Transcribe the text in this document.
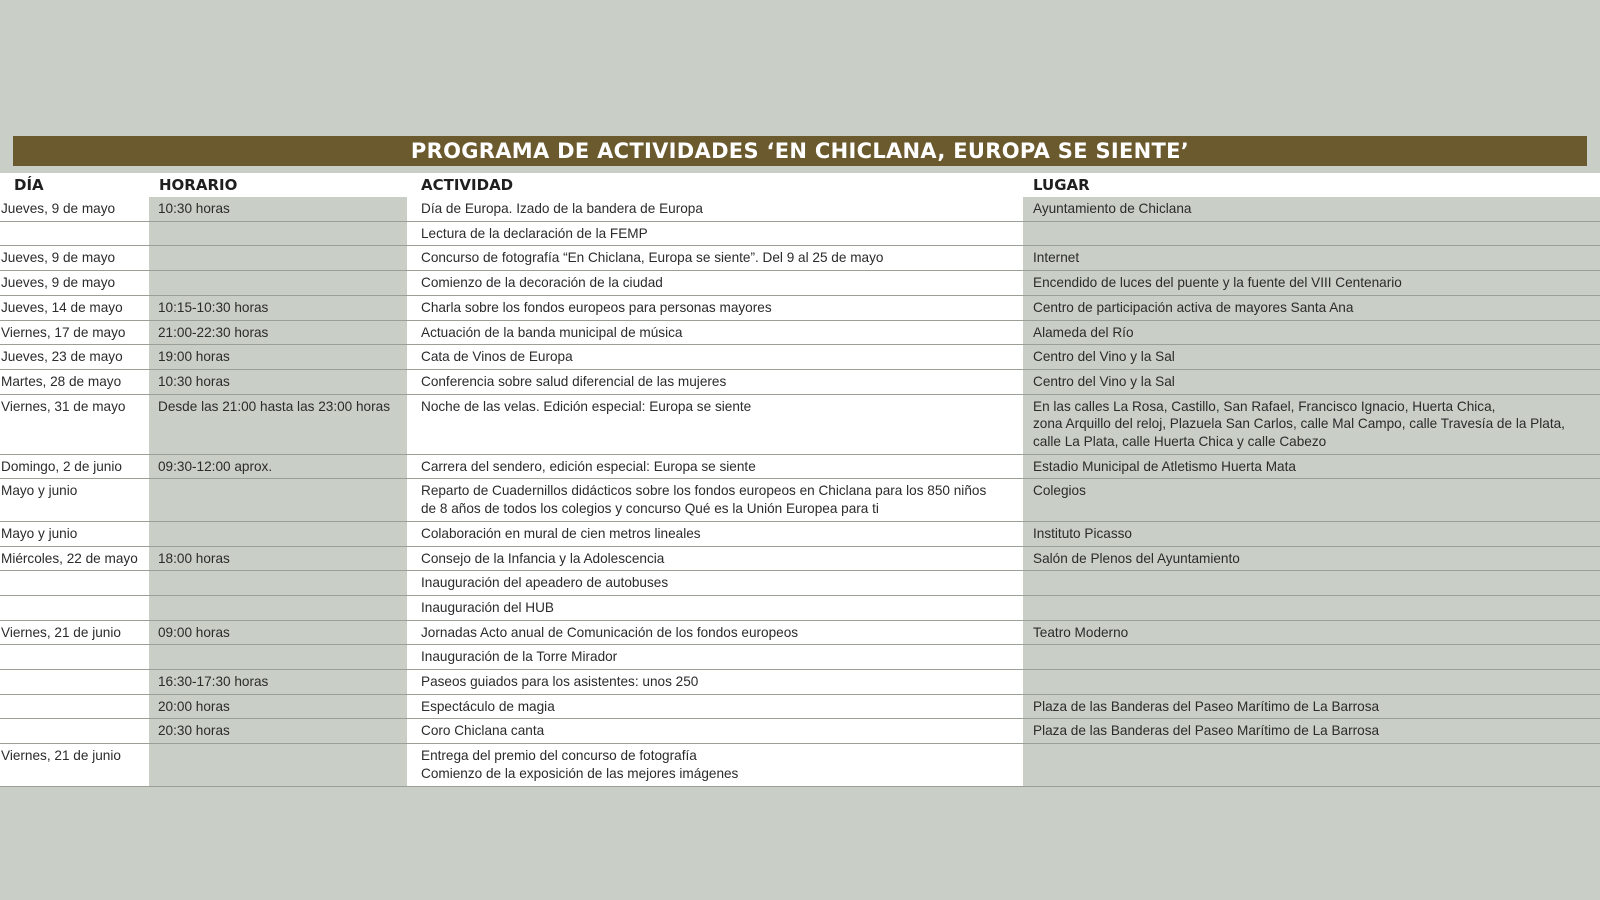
PROGRAMA DE ACTIVIDADES ‘EN CHICLANA, EUROPA SE SIENTE’
DÍA	HORARIO	ACTIVIDAD	LUGAR
Jueves, 9 de mayo	10:30 horas	Día de Europa. Izado de la bandera de Europa	Ayuntamiento de Chiclana

		Lectura de la declaración de la FEMP	

Jueves, 9 de mayo		Concurso de fotografía “En Chiclana, Europa se siente”. Del 9 al 25 de mayo	Internet

Jueves, 9 de mayo		Comienzo de la decoración de la ciudad	Encendido de luces del puente y la fuente del VIII Centenario

Jueves, 14 de mayo	10:15-10:30 horas	Charla sobre los fondos europeos para personas mayores	Centro de participación activa de mayores Santa Ana

Viernes, 17 de mayo	21:00-22:30 horas	Actuación de la banda municipal de música	Alameda del Río

Jueves, 23 de mayo	19:00 horas	Cata de Vinos de Europa	Centro del Vino y la Sal

Martes, 28 de mayo	10:30 horas	Conferencia sobre salud diferencial de las mujeres	Centro del Vino y la Sal

Viernes, 31 de mayo	Desde las 21:00 hasta las 23:00 horas	Noche de las velas. Edición especial: Europa se siente	En las calles La Rosa, Castillo, San Rafael, Francisco Ignacio, Huerta Chica,
zona Arquillo del reloj, Plazuela San Carlos, calle Mal Campo, calle Travesía de la Plata,
calle La Plata, calle Huerta Chica y calle Cabezo

Domingo, 2 de junio	09:30-12:00 aprox.	Carrera del sendero, edición especial: Europa se siente	Estadio Municipal de Atletismo Huerta Mata

Mayo y junio		Reparto de Cuadernillos didácticos sobre los fondos europeos en Chiclana para los 850 niños
de 8 años de todos los colegios y concurso Qué es la Unión Europea para ti	Colegios

Mayo y junio		Colaboración en mural de cien metros lineales	Instituto Picasso

Miércoles, 22 de mayo	18:00 horas	Consejo de la Infancia y la Adolescencia	Salón de Plenos del Ayuntamiento

		Inauguración del apeadero de autobuses	

		Inauguración del HUB	

Viernes, 21 de junio	09:00 horas	Jornadas Acto anual de Comunicación de los fondos europeos	Teatro Moderno

		Inauguración de la Torre Mirador	

	16:30-17:30 horas	Paseos guiados para los asistentes: unos 250	

	20:00 horas	Espectáculo de magia	Plaza de las Banderas del Paseo Marítimo de La Barrosa

	20:30 horas	Coro Chiclana canta	Plaza de las Banderas del Paseo Marítimo de La Barrosa

Viernes, 21 de junio		Entrega del premio del concurso de fotografía
Comienzo de la exposición de las mejores imágenes	
